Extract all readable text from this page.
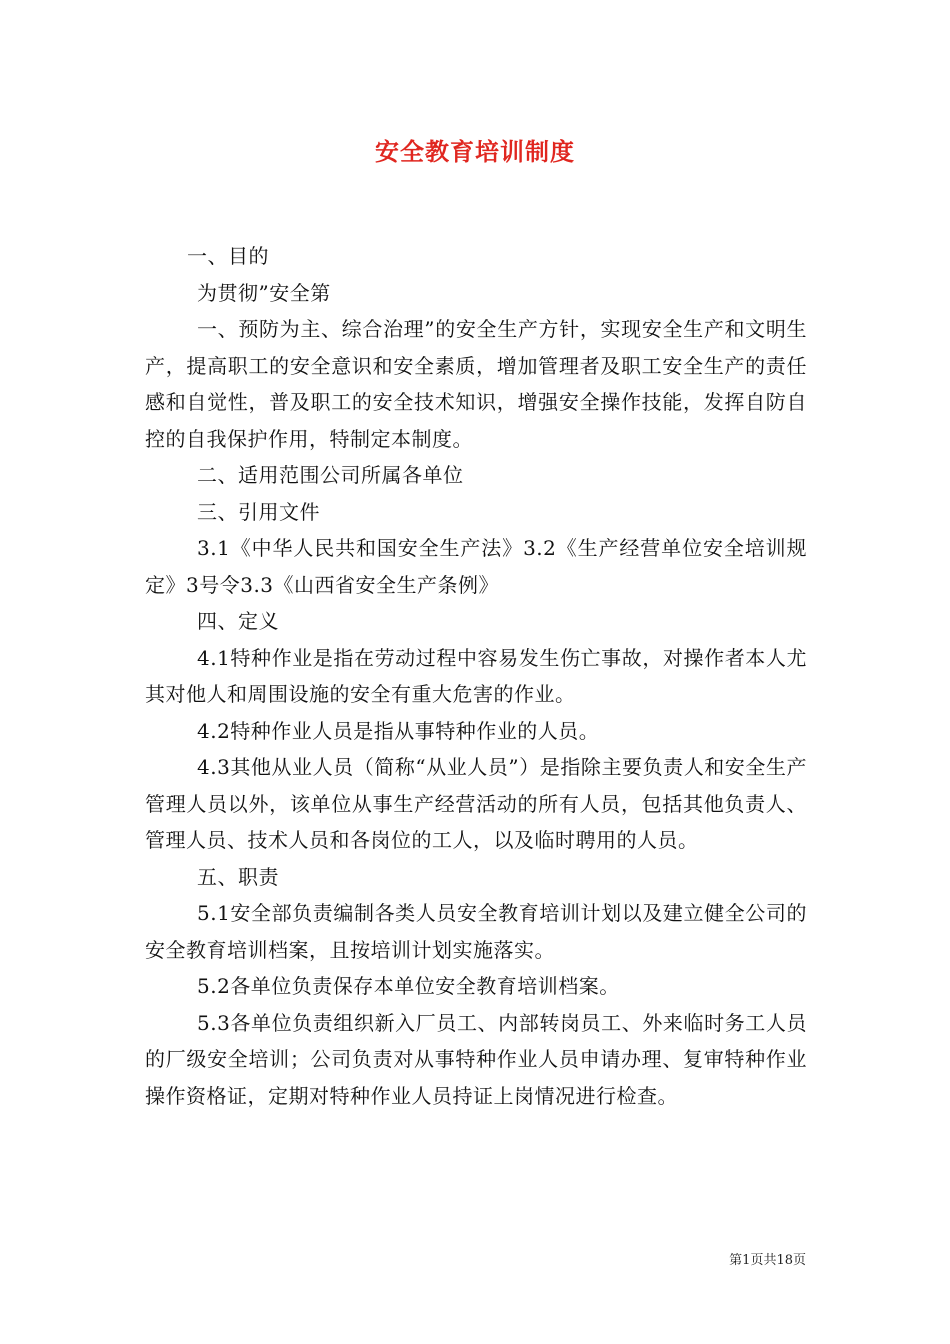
安全教育培训制度

一、目的

为贯彻”安全第

一、预防为主、综合治理”的安全生产方针，实现安全生产和文明生产，提高职工的安全意识和安全素质，增加管理者及职工安全生产的责任感和自觉性，普及职工的安全技术知识，增强安全操作技能，发挥自防自控的自我保护作用，特制定本制度。

二、适用范围公司所属各单位

三、引用文件

3.1《中华人民共和国安全生产法》3.2《生产经营单位安全培训规定》3号令3.3《山西省安全生产条例》

四、定义

4.1特种作业是指在劳动过程中容易发生伤亡事故，对操作者本人尤其对他人和周围设施的安全有重大危害的作业。

4.2特种作业人员是指从事特种作业的人员。

4.3其他从业人员（简称“从业人员”）是指除主要负责人和安全生产管理人员以外，该单位从事生产经营活动的所有人员，包括其他负责人、管理人员、技术人员和各岗位的工人，以及临时聘用的人员。

五、职责

5.1安全部负责编制各类人员安全教育培训计划以及建立健全公司的安全教育培训档案，且按培训计划实施落实。

5.2各单位负责保存本单位安全教育培训档案。

5.3各单位负责组织新入厂员工、内部转岗员工、外来临时务工人员的厂级安全培训；公司负责对从事特种作业人员申请办理、复审特种作业操作资格证，定期对特种作业人员持证上岗情况进行检查。

第1页共18页
